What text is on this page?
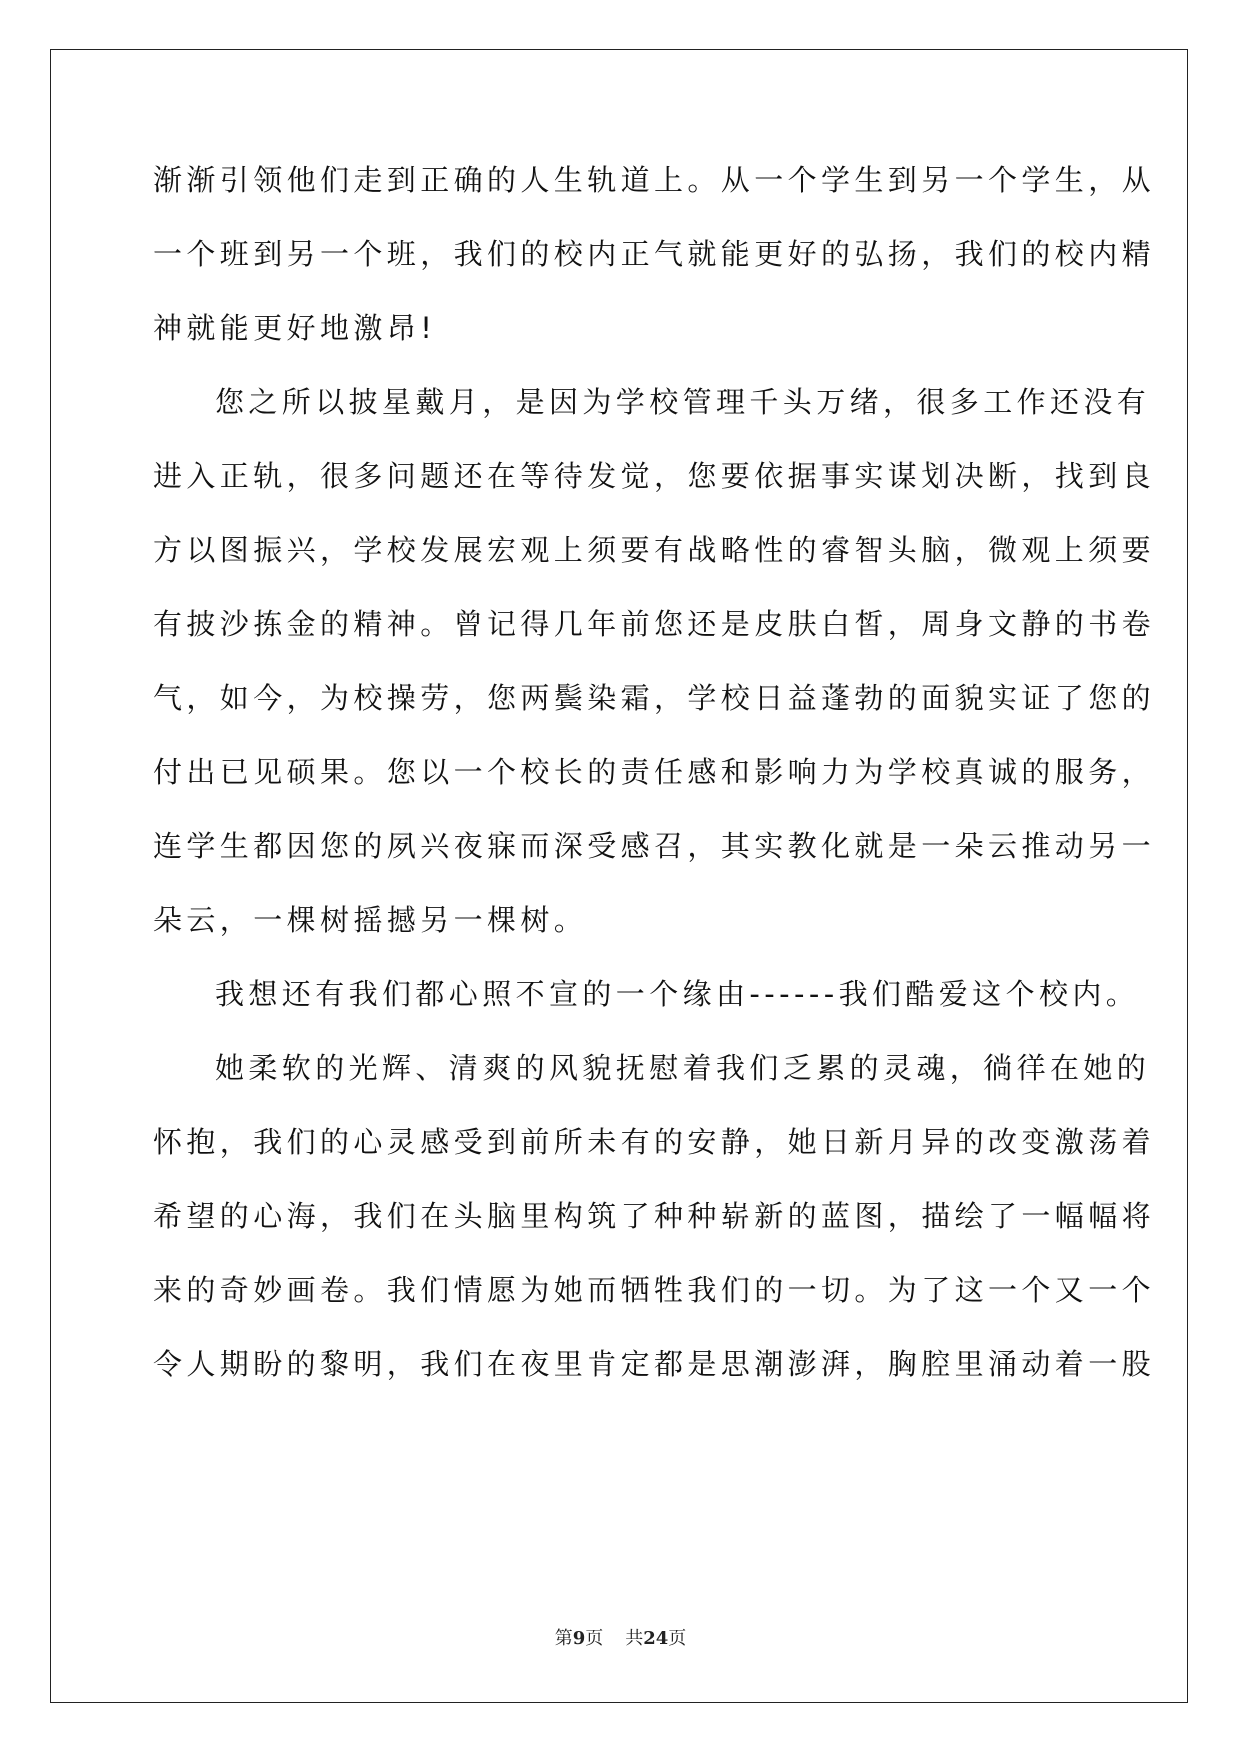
渐渐引领他们走到正确的人生轨道上。从一个学生到另一个学生，从
一个班到另一个班，我们的校内正气就能更好的弘扬，我们的校内精
神就能更好地激昂!
您之所以披星戴月，是因为学校管理千头万绪，很多工作还没有
进入正轨，很多问题还在等待发觉，您要依据事实谋划决断，找到良
方以图振兴，学校发展宏观上须要有战略性的睿智头脑，微观上须要
有披沙拣金的精神。曾记得几年前您还是皮肤白皙，周身文静的书卷
气，如今，为校操劳，您两鬓染霜，学校日益蓬勃的面貌实证了您的
付出已见硕果。您以一个校长的责任感和影响力为学校真诚的服务，
连学生都因您的夙兴夜寐而深受感召，其实教化就是一朵云推动另一
朵云，一棵树摇撼另一棵树。
我想还有我们都心照不宣的一个缘由------我们酷爱这个校内。
她柔软的光辉、清爽的风貌抚慰着我们乏累的灵魂，徜徉在她的
怀抱，我们的心灵感受到前所未有的安静，她日新月异的改变激荡着
希望的心海，我们在头脑里构筑了种种崭新的蓝图，描绘了一幅幅将
来的奇妙画卷。我们情愿为她而牺牲我们的一切。为了这一个又一个
令人期盼的黎明，我们在夜里肯定都是思潮澎湃，胸腔里涌动着一股
第9页 共24页
